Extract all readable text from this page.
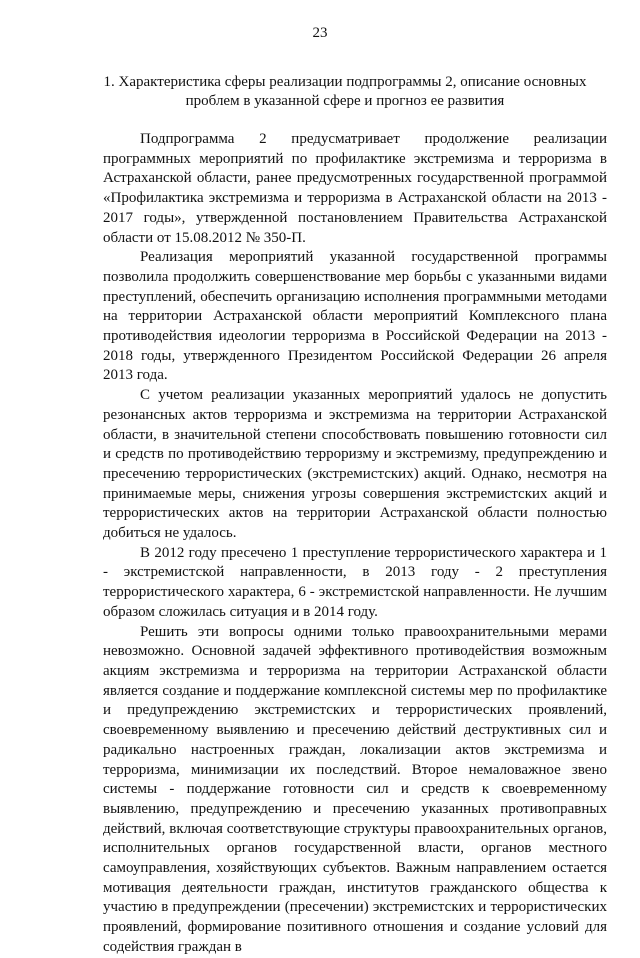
23
1. Характеристика сферы реализации подпрограммы 2, описание основных проблем в указанной сфере и прогноз ее развития

Подпрограмма 2 предусматривает продолжение реализации программных мероприятий по профилактике экстремизма и терроризма в Астраханской области, ранее предусмотренных государственной программой «Профилактика экстремизма и терроризма в Астраханской области на 2013 - 2017 годы», утвержденной постановлением Правительства Астраханской области от 15.08.2012 № 350-П.

Реализация мероприятий указанной государственной программы позволила продолжить совершенствование мер борьбы с указанными видами преступлений, обеспечить организацию исполнения программными методами на территории Астраханской области мероприятий Комплексного плана противодействия идеологии терроризма в Российской Федерации на 2013 - 2018 годы, утвержденного Президентом Российской Федерации 26 апреля 2013 года.

С учетом реализации указанных мероприятий удалось не допустить резонансных актов терроризма и экстремизма на территории Астраханской области, в значительной степени способствовать повышению готовности сил и средств по противодействию терроризму и экстремизму, предупреждению и пресечению террористических (экстремистских) акций. Однако, несмотря на принимаемые меры, снижения угрозы совершения экстремистских акций и террористических актов на территории Астраханской области полностью добиться не удалось.

В 2012 году пресечено 1 преступление террористического характера и 1 - экстремистской направленности, в 2013 году - 2 преступления террористического характера, 6 - экстремистской направленности. Не лучшим образом сложилась ситуация и в 2014 году.

Решить эти вопросы одними только правоохранительными мерами невозможно. Основной задачей эффективного противодействия возможным акциям экстремизма и терроризма на территории Астраханской области является создание и поддержание комплексной системы мер по профилактике и предупреждению экстремистских и террористических проявлений, своевременному выявлению и пресечению действий деструктивных сил и радикально настроенных граждан, локализации актов экстремизма и терроризма, минимизации их последствий. Второе немаловажное звено системы - поддержание готовности сил и средств к своевременному выявлению, предупреждению и пресечению указанных противоправных действий, включая соответствующие структуры правоохранительных органов, исполнительных органов государственной власти, органов местного самоуправления, хозяйствующих субъектов. Важным направлением остается мотивация деятельности граждан, институтов гражданского общества к участию в предупреждении (пресечении) экстремистских и террористических проявлений, формирование позитивного отношения и создание условий для содействия граждан в
